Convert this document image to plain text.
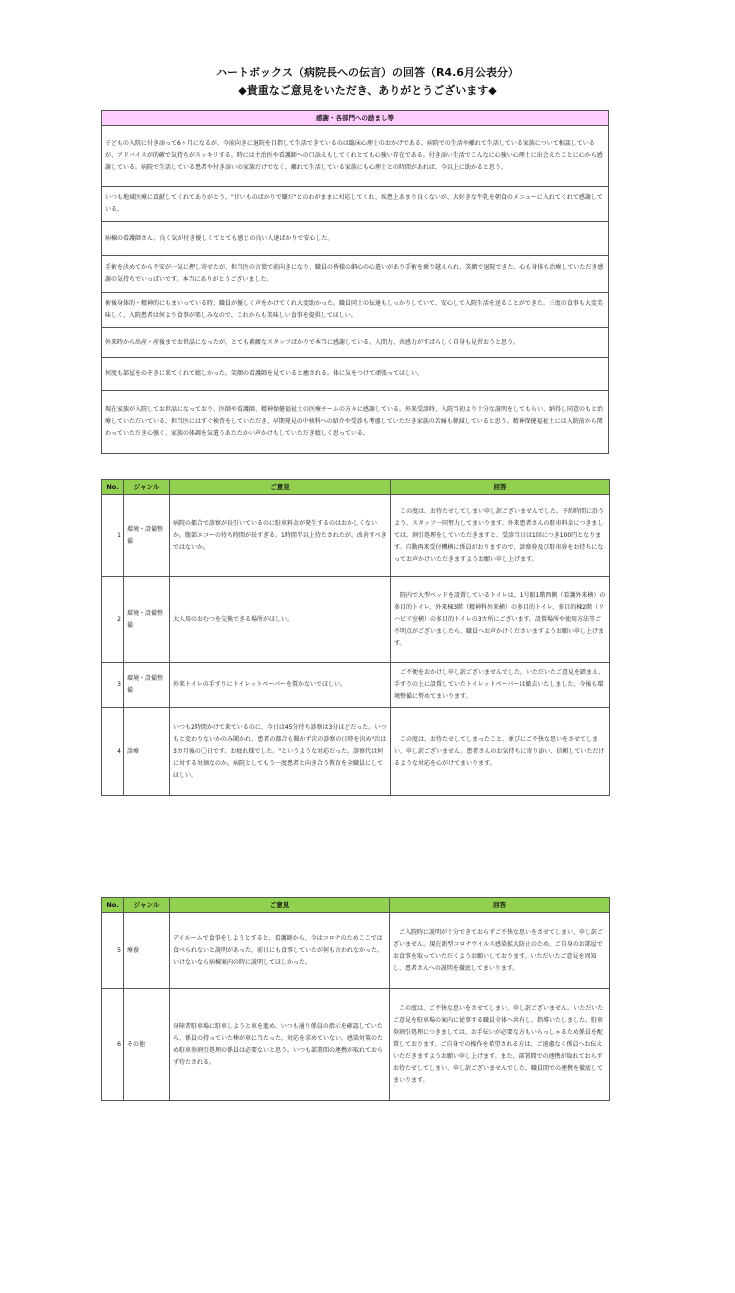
ハートボックス（病院長への伝言）の回答（R4.6月公表分）
◆貴重なご意見をいただき、ありがとうございます◆
感謝・各部門への励まし等
子どもの入院に付き添って6ヶ月になるが、今前向きに退院を目指して生活できているのは臨床心理士のおかげである。病院での生活や離れて生活している家族について相談しているが、アドバイスが的確で気持ちがスッキリする。時には主治医や看護師への口添えもしてくれとても心強い存在である。付き添い生活でこんなに心強い心理士に出会えたことに心から感謝している。病院で生活している患者や付き添いの家族だけでなく、離れて生活している家族にも心理士との時間があれば、今以上に助かると思う。
いつも地域医療に貢献してくれてありがとう。"甘いものばかりで嫌だ"とのわがままに対応してくれ、疾患上あまり良くないが、大好きな牛乳を朝食のメニューに入れてくれて感謝している。
病棟の看護師さん、良く気が付き優しくてとても感じの良い人達ばかりで安心した。
手術を決めてから不安が一気に押し寄せたが、担当医の言葉で前向きになり、職員の皆様の細心の心遣いがあり手術を乗り越えられ、笑顔で退院できた。心も身体も治療していただき感謝の気持ちでいっぱいです。本当にありがとうございました。
術後身体的・精神的にもまいっている時、職員が優しく声をかけてくれ大変助かった。職員同士の伝達もしっかりしていて、安心して入院生活を送ることができた。三度の食事も大変美味しく、入院患者は何より食事が楽しみなので、これからも美味しい食事を提供してほしい。
外来時から出産・産後までお世話になったが、とても素敵なスタッフばかりで本当に感謝している。人間力、共感力がすばらしく自身も見習おうと思う。
何度も部屋をのぞきに来てくれて嬉しかった。笑顔の看護師を見ていると癒される。体に気をつけて頑張ってほしい。
現在家族が入院してお世話になっており、医師や看護師、精神保健福祉士の医療チームの方々に感謝している。外来受診時、入院当初より十分な説明をしてもらい、納得し同意のもと治療していただいている。担当医にはすぐ検査をしていただき、早期発見の中核科への紹介や受診も考慮していただき家族の苦痛も軽減していると思う。精神保健福祉士には入院前から関わっていただき心強く、家族の体調を気遣うあたたかい声かけもしていただき嬉しく思っている。
No.	ジャンル	ご意見	回答
1	環境・設備整備	病院の都合で診察が長引いているのに駐車料金が発生するのはおかしくないか。腹部エコーの待ち時間が長すぎる。1時間半以上待たされたが、改善すべきではないか。	　この度は、お待たせしてしまい申し訳ございませんでした。予約時間に沿うよう、スタッフ一同努力してまいります。外来患者さんの駐車料金につきましては、割引処理をしていただきますと、受診当日は1回につき100円となります。自動再来受付機横に係員がおりますので、診察券及び駐車券をお持ちになってお声かけいただきますようお願い申し上げます。
2	環境・設備整備	大人用のおむつを交換できる場所がほしい。	　院内で大型ベッドを設置しているトイレは、1号館1階西側（看護外来横）の多目的トイレ、外来棟3階（精神科外来横）の多目的トイレ、多目的棟2階（リハビリ室横）の多目的トイレの3カ所にございます。設置場所や使用方法等ご不明点がございましたら、職員へお声かけくださいますようお願い申し上げます。
3	環境・設備整備	外来トイレの手すりにトイレットペーパーを置かないでほしい。	　ご不便をおかけし申し訳ございませんでした。いただいたご意見を踏まえ、手すりの上に設置していたトイレットペーパーは撤去いたしました。今後も環境整備に努めてまいります。
4	診療	いつも2時間かけて来ているのに、今日は45分待ち診察は3分ほどだった。いつもと変わりないかのみ聞かれ、患者の都合も聞かず次の診察の日時を決め"次は3カ月後の〇日です。お疲れ様でした。"というような対応だった。診察代は何に対する対価なのか。病院としてもう一度患者と向き合う教育を全職員にしてほしい。	　この度は、お待たせしてしまったこと、並びにご不快な思いをさせてしまい、申し訳ございません。患者さんのお気持ちに寄り添い、信頼していただけるような対応を心がけてまいります。
No.	ジャンル	ご意見	回答
5	療養	デイルームで食事をしようとすると、看護師から、今はコロナのためここでは食べられないと説明があった。前日にも食事していたが何も言われなかった。いけないなら病棟案内の時に説明してほしかった。	　ご入院時に説明が十分できておらずご不快な思いをさせてしまい、申し訳ございません。現在新型コロナウイルス感染拡大防止のため、ご自身のお部屋でお食事を取っていただくようお願いしております。いただいたご意見を周知し、患者さんへの説明を徹底してまいります。
6	その他	身障者駐車場に駐車しようと車を進め、いつも通り係員の指示を確認していたら、係員の持っていた棒が車に当たった。対応を求めていない。感染対策のため駐車券割引処理の係員は必要ないと思う。いつも部署間の連携が取れておらず待たされる。	　この度は、ご不快な思いをさせてしまい、申し訳ございません。いただいたご意見を駐車場の案内に従事する職員全体へ共有し、指導いたしました。駐車券割引処理につきましては、お手伝いが必要な方もいらっしゃるため係員を配置しております。ご自身での操作を希望される方は、ご遠慮なく係員へお伝えいただきますようお願い申し上げます。また、部署間での連携が取れておらずお待たせしてしまい、申し訳ございませんでした。職員間での連携を徹底してまいります。
